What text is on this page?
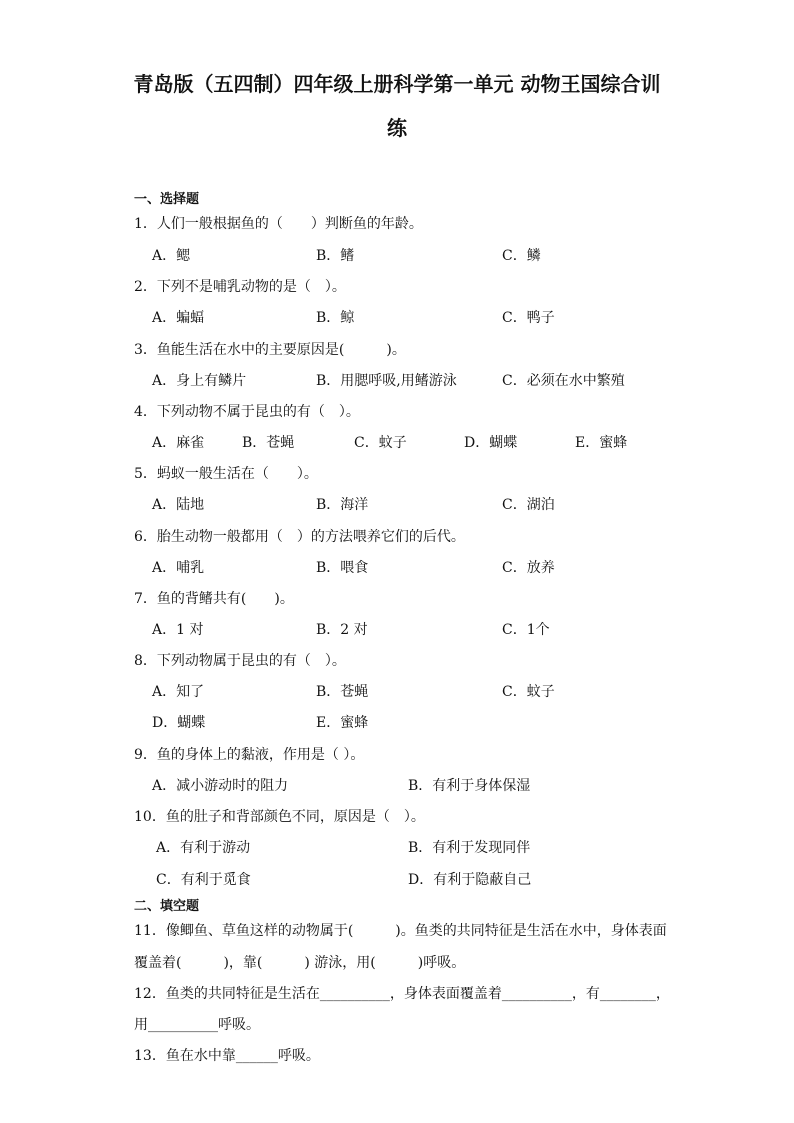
青岛版（五四制）四年级上册科学第一单元 动物王国综合训
练
一、选择题
1．人们一般根据鱼的（　　）判断鱼的年龄。
A．鳃	B．鳍	C．鳞
2．下列不是哺乳动物的是（　）。
A．蝙蝠	B．鲸	C．鸭子
3．鱼能生活在水中的主要原因是(　　　)。
A．身上有鳞片	B．用腮呼吸,用鳍游泳	C．必须在水中繁殖
4．下列动物不属于昆虫的有（　）。
A．麻雀	B．苍蝇	C．蚊子	D．蝴蝶	E．蜜蜂
5．蚂蚁一般生活在（　　）。
A．陆地	B．海洋	C．湖泊
6．胎生动物一般都用（　）的方法喂养它们的后代。
A．哺乳	B．喂食	C．放养
7．鱼的背鳍共有(　　)。
A．1 对	B．2 对	C．1个
8．下列动物属于昆虫的有（　）。
A．知了	B．苍蝇	C．蚊子
D．蝴蝶	E．蜜蜂
9．鱼的身体上的黏液，作用是（ ）。
A．减小游动时的阻力	B．有利于身体保湿
10．鱼的肚子和背部颜色不同，原因是（　）。
A．有利于游动	B．有利于发现同伴
C．有利于觅食	D．有利于隐蔽自己
二、填空题
11．像鲫鱼、草鱼这样的动物属于(　　　)。鱼类的共同特征是生活在水中，身体表面
覆盖着(　　　)，靠(　　　) 游泳，用(　　　)呼吸。
12．鱼类的共同特征是生活在__________，身体表面覆盖着__________，有________，
用__________呼吸。
13．鱼在水中靠______呼吸。
